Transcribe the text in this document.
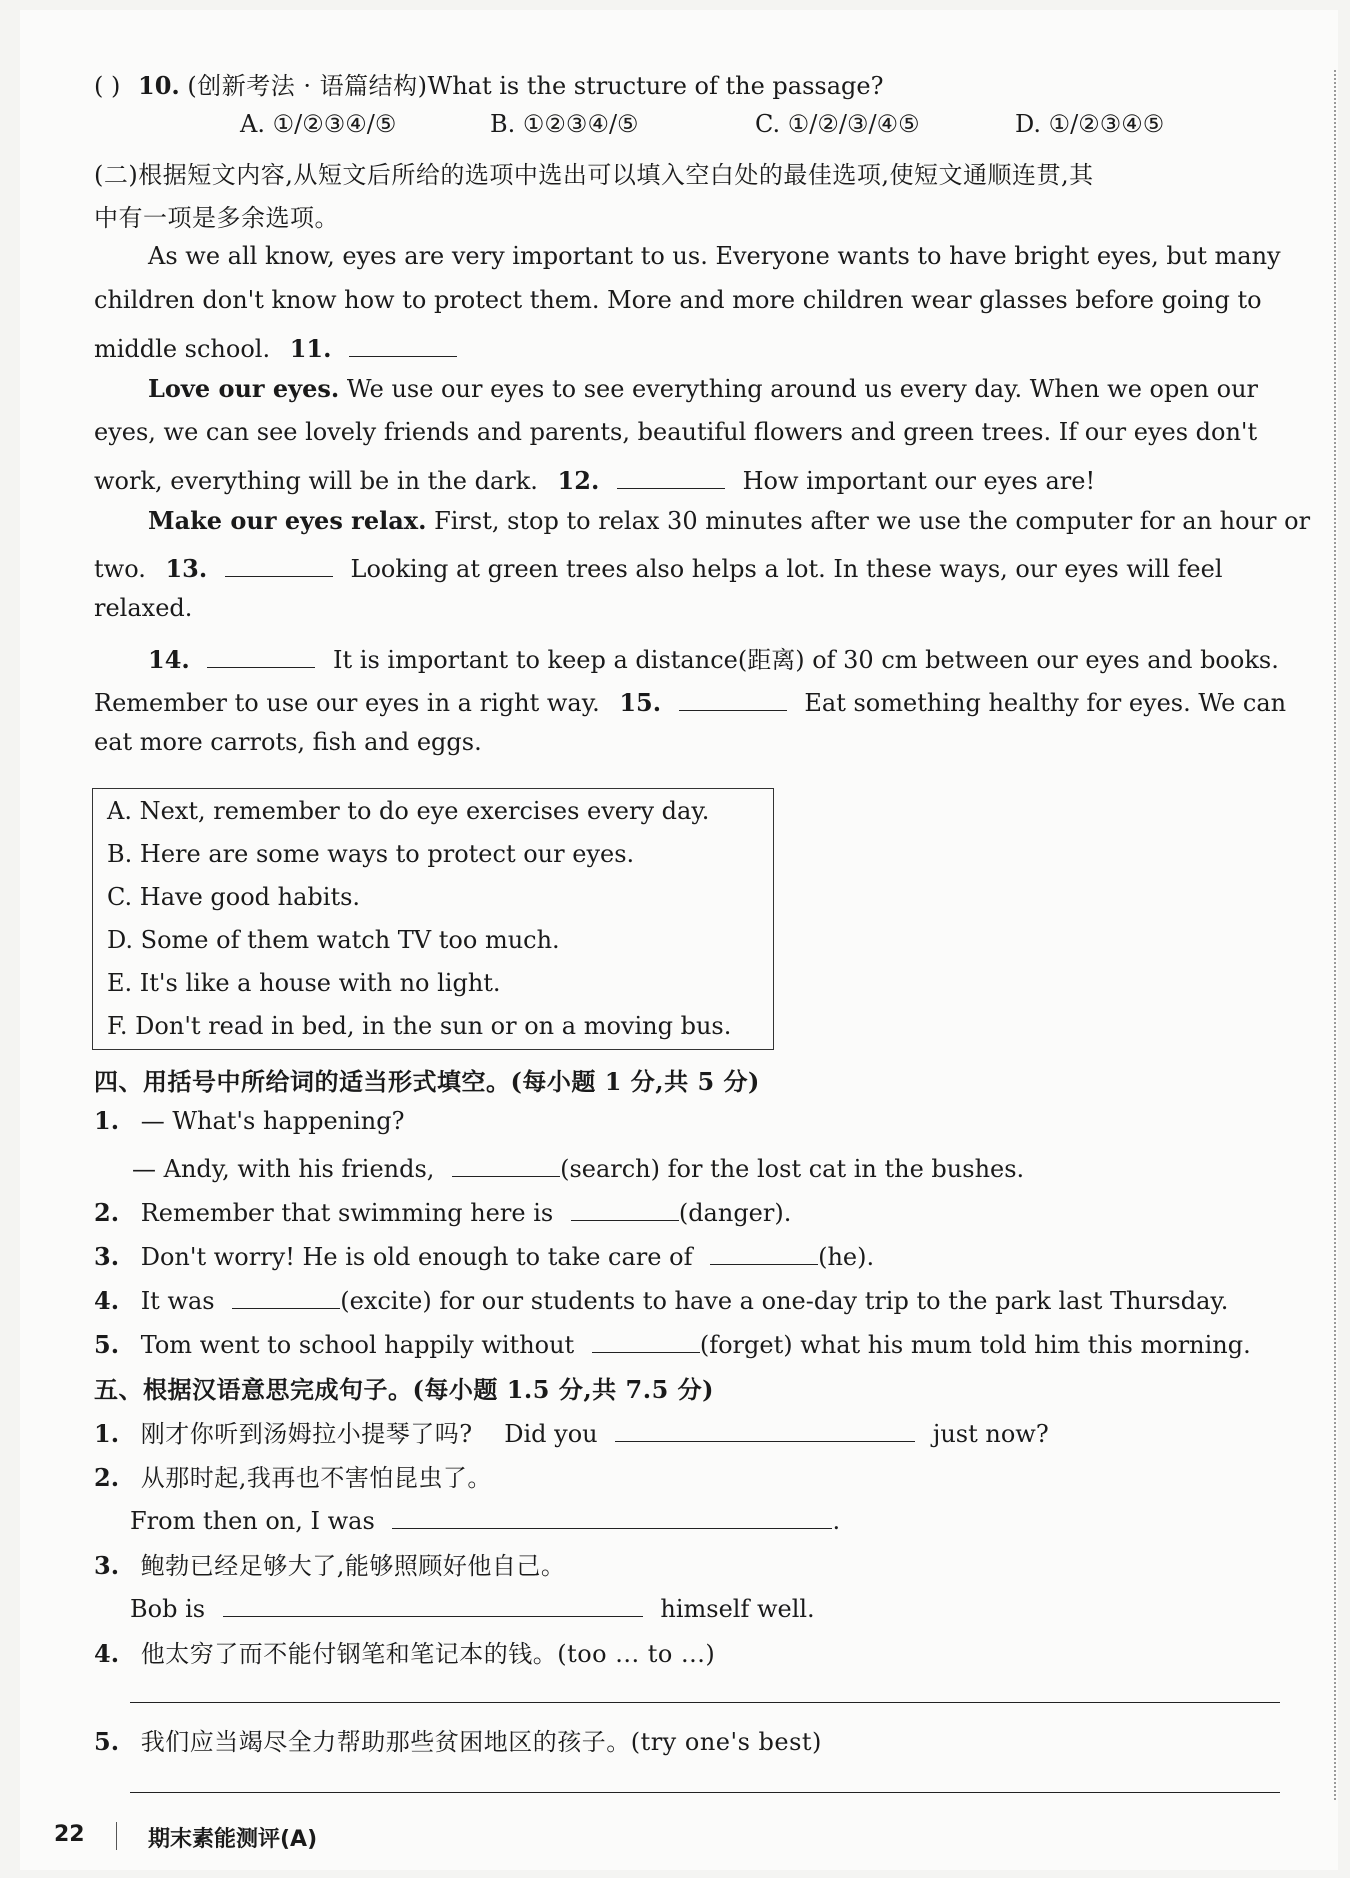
( ) 10. (创新考法 · 语篇结构)What is the structure of the passage?
A. ①/②③④/⑤	B. ①②③④/⑤	C. ①/②/③/④⑤	D. ①/②③④⑤
(二)根据短文内容,从短文后所给的选项中选出可以填入空白处的最佳选项,使短文通顺连贯,其
中有一项是多余选项。
As we all know, eyes are very important to us. Everyone wants to have bright eyes, but many
children don't know how to protect them. More and more children wear glasses before going to
middle school. 11.
Love our eyes. We use our eyes to see everything around us every day. When we open our
eyes, we can see lovely friends and parents, beautiful flowers and green trees. If our eyes don't
work, everything will be in the dark. 12.	How important our eyes are!
Make our eyes relax. First, stop to relax 30 minutes after we use the computer for an hour or
two. 13.	Looking at green trees also helps a lot. In these ways, our eyes will feel
relaxed.
14.	It is important to keep a distance(距离) of 30 cm between our eyes and books.
Remember to use our eyes in a right way. 15.	Eat something healthy for eyes. We can
eat more carrots, fish and eggs.
A. Next, remember to do eye exercises every day.
B. Here are some ways to protect our eyes.
C. Have good habits.
D. Some of them watch TV too much.
E. It's like a house with no light.
F. Don't read in bed, in the sun or on a moving bus.
四、用括号中所给词的适当形式填空。(每小题 1 分,共 5 分)
1. — What's happening?
— Andy, with his friends,	(search) for the lost cat in the bushes.
2. Remember that swimming here is	(danger).
3. Don't worry! He is old enough to take care of	(he).
4. It was	(excite) for our students to have a one-day trip to the park last Thursday.
5. Tom went to school happily without	(forget) what his mum told him this morning.
五、根据汉语意思完成句子。(每小题 1.5 分,共 7.5 分)
1. 刚才你听到汤姆拉小提琴了吗? Did you	just now?
2. 从那时起,我再也不害怕昆虫了。
From then on, I was	.
3. 鲍勃已经足够大了,能够照顾好他自己。
Bob is	himself well.
4. 他太穷了而不能付钢笔和笔记本的钱。(too ... to ...)
5. 我们应当竭尽全力帮助那些贫困地区的孩子。(try one's best)
22	期末素能测评(A)
